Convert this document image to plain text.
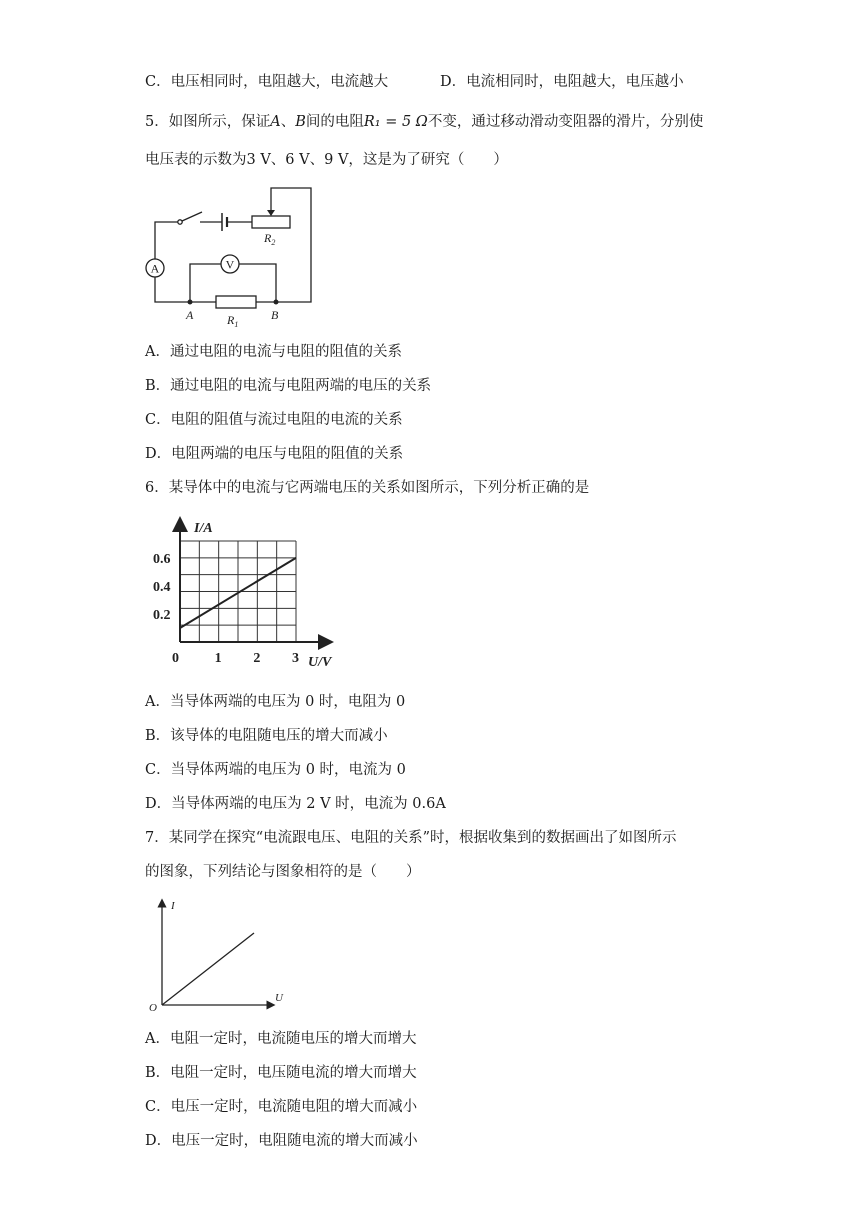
C．电压相同时，电阻越大，电流越大	D．电流相同时，电阻越大，电压越小
5．如图所示，保证A、B间的电阻R₁ = 5 Ω不变，通过移动滑动变阻器的滑片，分别使
电压表的示数为3 V、6 V、9 V，这是为了研究（　　）
A	V
$R_2$
$R_1$
A	B
A．通过电阻的电流与电阻的阻值的关系
B．通过电阻的电流与电阻两端的电压的关系
C．电阻的阻值与流过电阻的电流的关系
D．电阻两端的电压与电阻的阻值的关系
6．某导体中的电流与它两端电压的关系如图所示，下列分析正确的是
0	1 2 3
0.2
0.4
0.6
I/A
U/V
A．当导体两端的电压为 0 时，电阻为 0
B．该导体的电阻随电压的增大而减小
C．当导体两端的电压为 0 时，电流为 0
D．当导体两端的电压为 2 V 时，电流为 0.6A
7．某同学在探究“电流跟电压、电阻的关系”时，根据收集到的数据画出了如图所示
的图象，下列结论与图象相符的是（　　）
I
U
O
A．电阻一定时，电流随电压的增大而增大
B．电阻一定时，电压随电流的增大而增大
C．电压一定时，电流随电阻的增大而减小
D．电压一定时，电阻随电流的增大而减小
